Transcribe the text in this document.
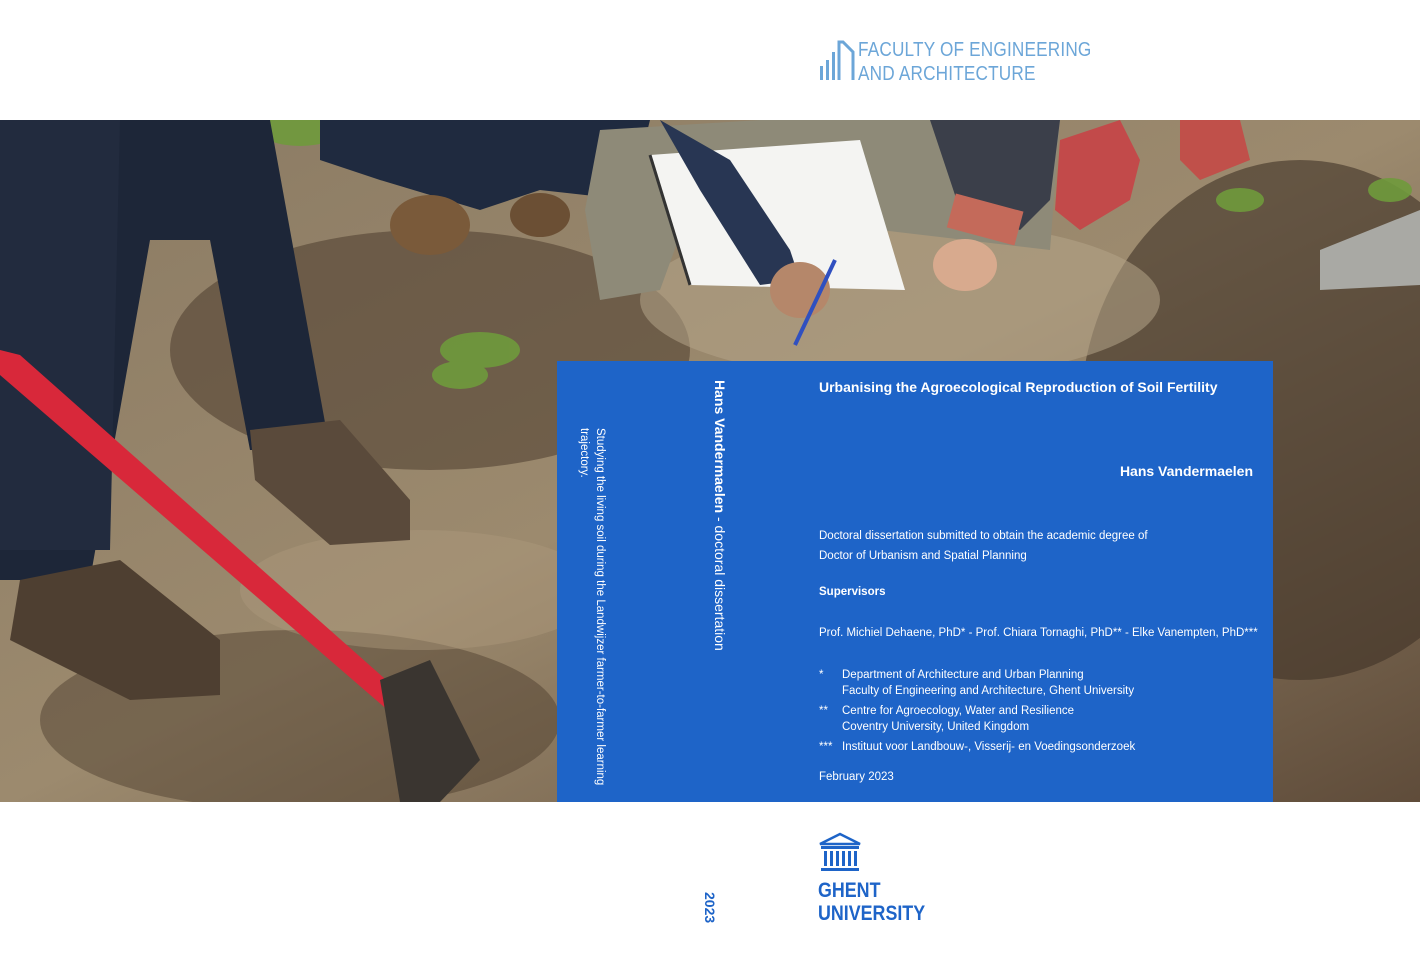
FACULTY OF ENGINEERING
AND ARCHITECTURE
Hans Vandermaelen - doctoral dissertation
Studying the living soil during the Landwijzer farmer-to-farmer learning trajectory.
Urbanising the Agroecological Reproduction of Soil Fertility
Hans Vandermaelen
Doctoral dissertation submitted to obtain the academic degree of
Doctor of Urbanism and Spatial Planning
Supervisors
Prof. Michiel Dehaene, PhD* - Prof. Chiara Tornaghi, PhD** - Elke Vanempten, PhD***
* Department of Architecture and Urban Planning
Faculty of Engineering and Architecture, Ghent University
** Centre for Agroecology, Water and Resilience
Coventry University, United Kingdom
*** Instituut voor Landbouw-, Visserij- en Voedingsonderzoek
February 2023
2023
GHENT
UNIVERSITY
